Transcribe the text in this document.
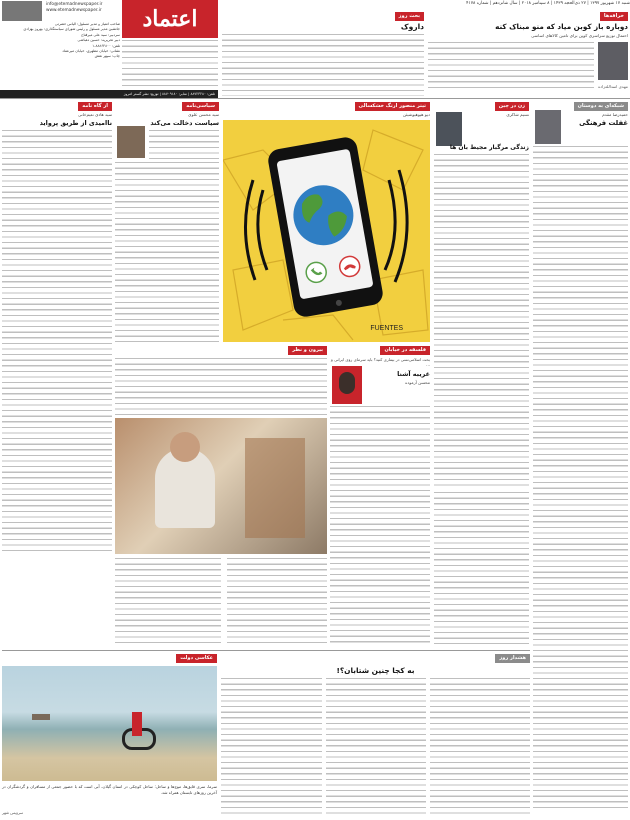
شنبه ۱۷ شهریور ۱۳۹۷ | ۲۷ ذی‌الحجه ۱۴۳۹ | ۸ سپتامبر ۲۰۱۸ | سال شانزدهم | شماره ۴۱۷۸
info@etemadnewspaper.ir
www.etemadnewspaper.ir	اعتماد
صاحب امتیاز و مدیر مسئول: الیاس حضرتی
جانشین مدیر مسئول و رئیس شورای سیاستگذاری: بهروز بهزادی
سردبیر: سید علی میرفتاح
دبیر تحریریه: حسین دهباشی
تلفن: ۸۸۸۶۴۸۰۰-۱
نشانی: خیابان مطهری، خیابان میرعماد
چاپ: سپهر نقش
تلفن: ۸۸۷۲۳۲۸۰ | نمابر: ۸۸۷۰۹۱۸۰ | توزیع: نشر گستر امروز
خرافه‌ها
دوباره باز کوبن میاد که منو مبناک کنه
احتمال توزیع سراسری کوپن برای تامین کالاهای اساسی
مهدی اسدالله‌زاده
بحث روز
داروک
شبکه‌ای به دوستان
حمیدرضا مقدم
غفلت فرهنگی
زن در چین
نسیم شاکری
زندگی مرگبار مجیط بان ها
تیتر منصور ارتگ خشکسالی
دیو هیوهیوشیئن
FUENTES
سیاسی‌نامه
سید محسن علوی
سیاست دخالت می‌کند
از گاه نامه
سید هادی نعیم‌خانی
ناامیدی از طریق پرواید
فلسفه در خیابان
بحث اسلامی‌نسی در بیماری کنید؟ باید سرمای روی ایرانی و ...
غریبه آشنا
محسن آزموده
بیرون و نظر
عکاسی دولت
سرما، سری قایق‌ها، موج‌ها و ساحل: ساحل کوچکی در استان گیلان، آبی است که با حضور جمعی از مسافران و گردشگران در آخرین روزهای تابستان همراه شد.
هشدار روز
به کجا چنین شتابان؟!
سرویس شهر
